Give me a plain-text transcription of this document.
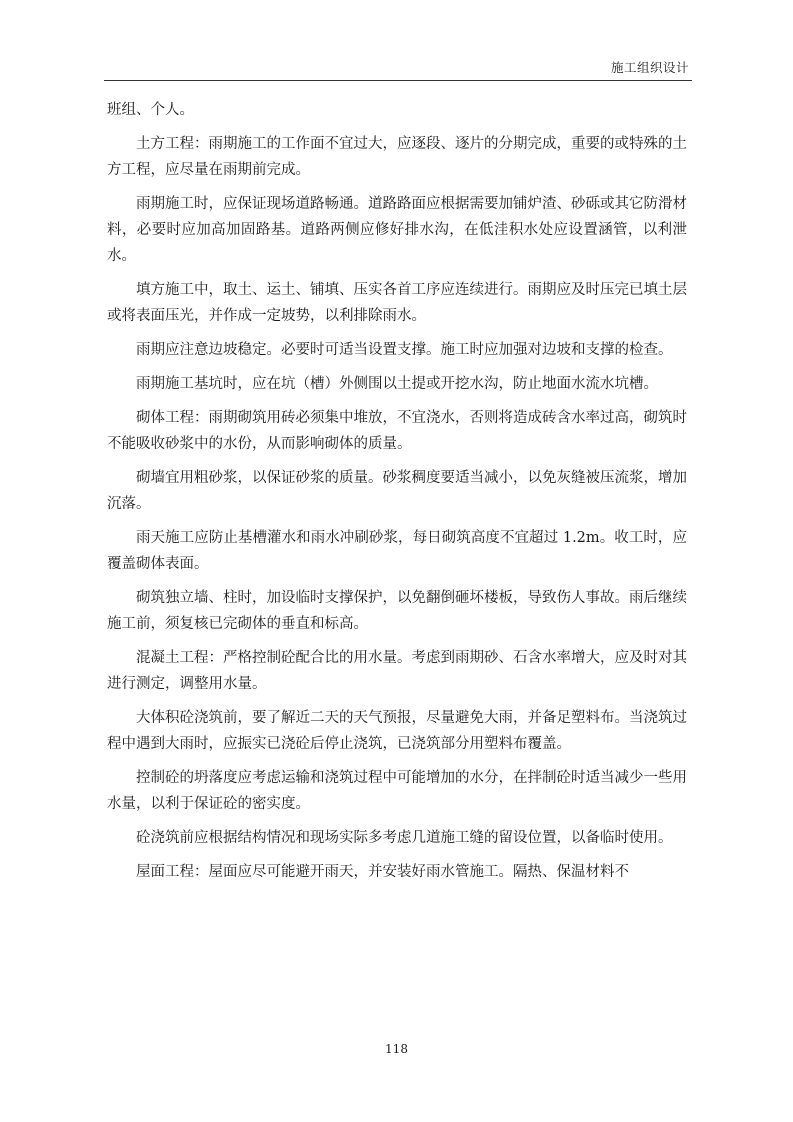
施工组织设计

班组、个人。

土方工程：雨期施工的工作面不宜过大，应逐段、逐片的分期完成，重要的或特殊的土方工程，应尽量在雨期前完成。

雨期施工时，应保证现场道路畅通。道路路面应根据需要加铺炉渣、砂砾或其它防滑材料，必要时应加高加固路基。道路两侧应修好排水沟，在低洼积水处应设置涵管，以利泄水。

填方施工中，取土、运土、铺填、压实各首工序应连续进行。雨期应及时压完已填土层或将表面压光，并作成一定坡势，以利排除雨水。

雨期应注意边坡稳定。必要时可适当设置支撑。施工时应加强对边坡和支撑的检查。

雨期施工基坑时，应在坑（槽）外侧围以土提或开挖水沟，防止地面水流水坑槽。

砌体工程：雨期砌筑用砖必须集中堆放，不宜浇水，否则将造成砖含水率过高，砌筑时不能吸收砂浆中的水份，从而影响砌体的质量。

砌墙宜用粗砂浆，以保证砂浆的质量。砂浆稠度要适当减小，以免灰缝被压流浆，增加沉落。

雨天施工应防止基槽灌水和雨水冲刷砂浆，每日砌筑高度不宜超过 1.2m。收工时，应覆盖砌体表面。

砌筑独立墙、柱时，加设临时支撑保护，以免翻倒砸坏楼板，导致伤人事故。雨后继续施工前，须复核已完砌体的垂直和标高。

混凝土工程：严格控制砼配合比的用水量。考虑到雨期砂、石含水率增大，应及时对其进行测定，调整用水量。

大体积砼浇筑前，要了解近二天的天气预报，尽量避免大雨，并备足塑料布。当浇筑过程中遇到大雨时，应振实已浇砼后停止浇筑，已浇筑部分用塑料布覆盖。

控制砼的坍落度应考虑运输和浇筑过程中可能增加的水分，在拌制砼时适当减少一些用水量，以利于保证砼的密实度。

砼浇筑前应根据结构情况和现场实际多考虑几道施工缝的留设位置，以备临时使用。

屋面工程：屋面应尽可能避开雨天，并安装好雨水管施工。隔热、保温材料不

118
